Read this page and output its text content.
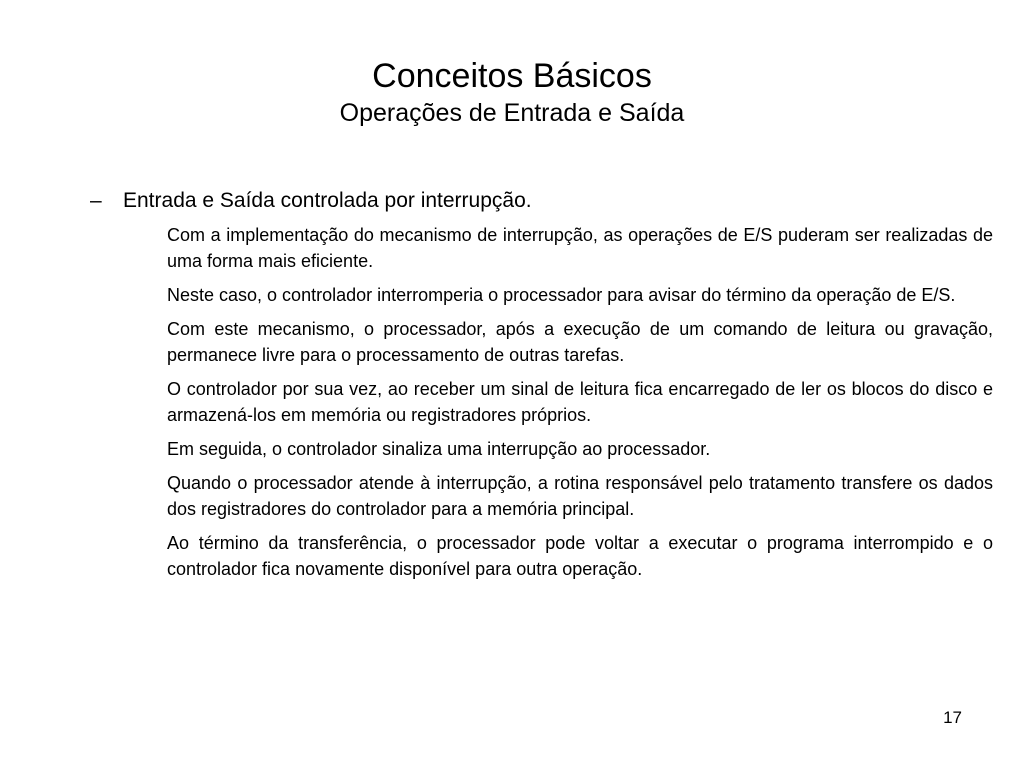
Conceitos Básicos
Operações de Entrada e Saída
– Entrada e Saída controlada por interrupção.

Com a implementação do mecanismo de interrupção, as operações de E/S puderam ser realizadas de uma forma mais eficiente.

Neste caso, o controlador interromperia o processador para avisar do término da operação de E/S.

Com este mecanismo, o processador, após a execução de um comando de leitura ou gravação, permanece livre para o processamento de outras tarefas.

O controlador por sua vez, ao receber um sinal de leitura fica encarregado de ler os blocos do disco e armazená-los em memória ou registradores próprios.

Em seguida, o controlador sinaliza uma interrupção ao processador.

Quando o processador atende à interrupção, a rotina responsável pelo tratamento transfere os dados dos registradores do controlador para a memória principal.

Ao término da transferência, o processador pode voltar a executar o programa interrompido e o controlador fica novamente disponível para outra operação.

17
